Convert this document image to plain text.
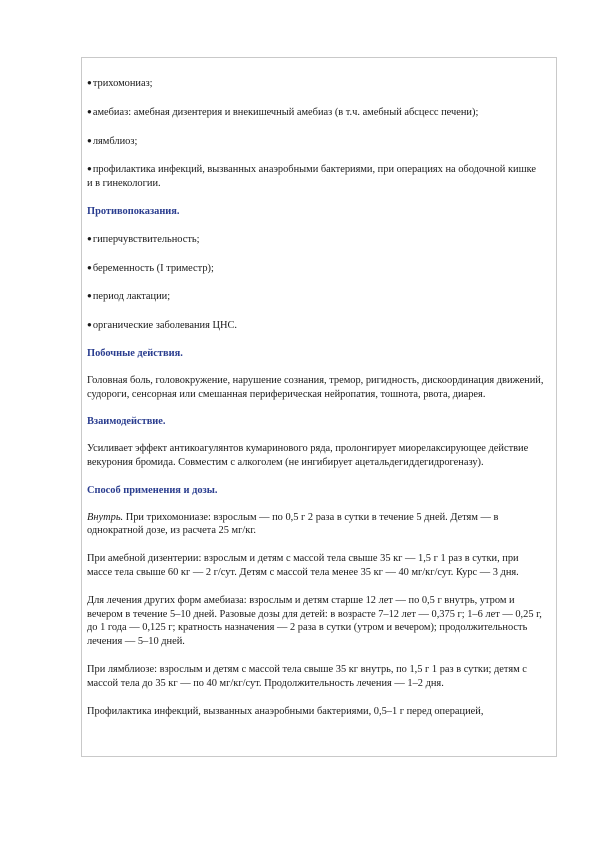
●трихомониаз;
●амебиаз: амебная дизентерия и внекишечный амебиаз (в т.ч. амебный абсцесс печени);
●лямблиоз;
●профилактика инфекций, вызванных анаэробными бактериями, при операциях на ободочной кишке и в гинекологии.
Противопоказания.
●гиперчувствительность;
●беременность (I триместр);
●период лактации;
●органические заболевания ЦНС.
Побочные действия.

Головная боль, головокружение, нарушение сознания, тремор, ригидность, дискоординация движений, судороги, сенсорная или смешанная периферическая нейропатия, тошнота, рвота, диарея.

Взаимодействие.

Усиливает эффект антикоагулянтов кумаринового ряда, пролонгирует миорелаксирующее действие векурония бромида. Совместим с алкоголем (не ингибирует ацетальдегиддегидрогеназу).

Способ применения и дозы.

Внутрь. При трихомониазе: взрослым — по 0,5 г 2 раза в сутки в течение 5 дней. Детям — в однократной дозе, из расчета 25 мг/кг.

При амебной дизентерии: взрослым и детям с массой тела свыше 35 кг — 1,5 г 1 раз в сутки, при массе тела свыше 60 кг — 2 г/сут. Детям с массой тела менее 35 кг — 40 мг/кг/сут. Курс — 3 дня.

Для лечения других форм амебиаза: взрослым и детям старше 12 лет — по 0,5 г внутрь, утром и вечером в течение 5–10 дней. Разовые дозы для детей: в возрасте 7–12 лет — 0,375 г; 1–6 лет — 0,25 г, до 1 года — 0,125 г; кратность назначения — 2 раза в сутки (утром и вечером); продолжительность лечения — 5–10 дней.

При лямблиозе: взрослым и детям с массой тела свыше 35 кг внутрь, по 1,5 г 1 раз в сутки; детям с массой тела до 35 кг — по 40 мг/кг/сут. Продолжительность лечения — 1–2 дня.

Профилактика инфекций, вызванных анаэробными бактериями, 0,5–1 г перед операцией,
